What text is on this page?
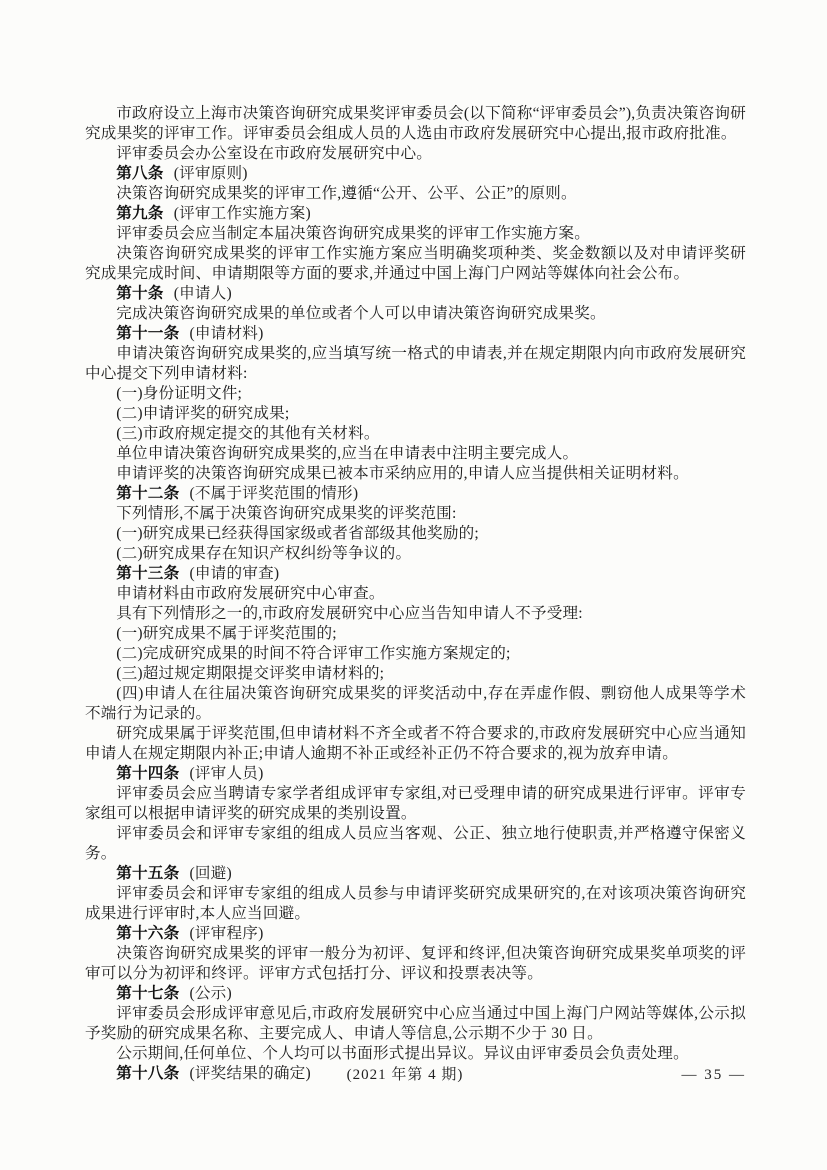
市政府设立上海市决策咨询研究成果奖评审委员会(以下简称“评审委员会”),负责决策咨询研究成果奖的评审工作。评审委员会组成人员的人选由市政府发展研究中心提出,报市政府批准。

评审委员会办公室设在市政府发展研究中心。

第八条 (评审原则)

决策咨询研究成果奖的评审工作,遵循“公开、公平、公正”的原则。

第九条 (评审工作实施方案)

评审委员会应当制定本届决策咨询研究成果奖的评审工作实施方案。

决策咨询研究成果奖的评审工作实施方案应当明确奖项种类、奖金数额以及对申请评奖研究成果完成时间、申请期限等方面的要求,并通过中国上海门户网站等媒体向社会公布。

第十条 (申请人)

完成决策咨询研究成果的单位或者个人可以申请决策咨询研究成果奖。

第十一条 (申请材料)

申请决策咨询研究成果奖的,应当填写统一格式的申请表,并在规定期限内向市政府发展研究中心提交下列申请材料:

(一)身份证明文件;

(二)申请评奖的研究成果;

(三)市政府规定提交的其他有关材料。

单位申请决策咨询研究成果奖的,应当在申请表中注明主要完成人。

申请评奖的决策咨询研究成果已被本市采纳应用的,申请人应当提供相关证明材料。

第十二条 (不属于评奖范围的情形)

下列情形,不属于决策咨询研究成果奖的评奖范围:

(一)研究成果已经获得国家级或者省部级其他奖励的;

(二)研究成果存在知识产权纠纷等争议的。

第十三条 (申请的审查)

申请材料由市政府发展研究中心审查。

具有下列情形之一的,市政府发展研究中心应当告知申请人不予受理:

(一)研究成果不属于评奖范围的;

(二)完成研究成果的时间不符合评审工作实施方案规定的;

(三)超过规定期限提交评奖申请材料的;

(四)申请人在往届决策咨询研究成果奖的评奖活动中,存在弄虚作假、剽窃他人成果等学术不端行为记录的。

研究成果属于评奖范围,但申请材料不齐全或者不符合要求的,市政府发展研究中心应当通知申请人在规定期限内补正;申请人逾期不补正或经补正仍不符合要求的,视为放弃申请。

第十四条 (评审人员)

评审委员会应当聘请专家学者组成评审专家组,对已受理申请的研究成果进行评审。评审专家组可以根据申请评奖的研究成果的类别设置。

评审委员会和评审专家组的组成人员应当客观、公正、独立地行使职责,并严格遵守保密义务。

第十五条 (回避)

评审委员会和评审专家组的组成人员参与申请评奖研究成果研究的,在对该项决策咨询研究成果进行评审时,本人应当回避。

第十六条 (评审程序)

决策咨询研究成果奖的评审一般分为初评、复评和终评,但决策咨询研究成果奖单项奖的评审可以分为初评和终评。评审方式包括打分、评议和投票表决等。

第十七条 (公示)

评审委员会形成评审意见后,市政府发展研究中心应当通过中国上海门户网站等媒体,公示拟予奖励的研究成果名称、主要完成人、申请人等信息,公示期不少于 30 日。

公示期间,任何单位、个人均可以书面形式提出异议。异议由评审委员会负责处理。

第十八条 (评奖结果的确定)	(2021 年第 4 期)	— 35 —
